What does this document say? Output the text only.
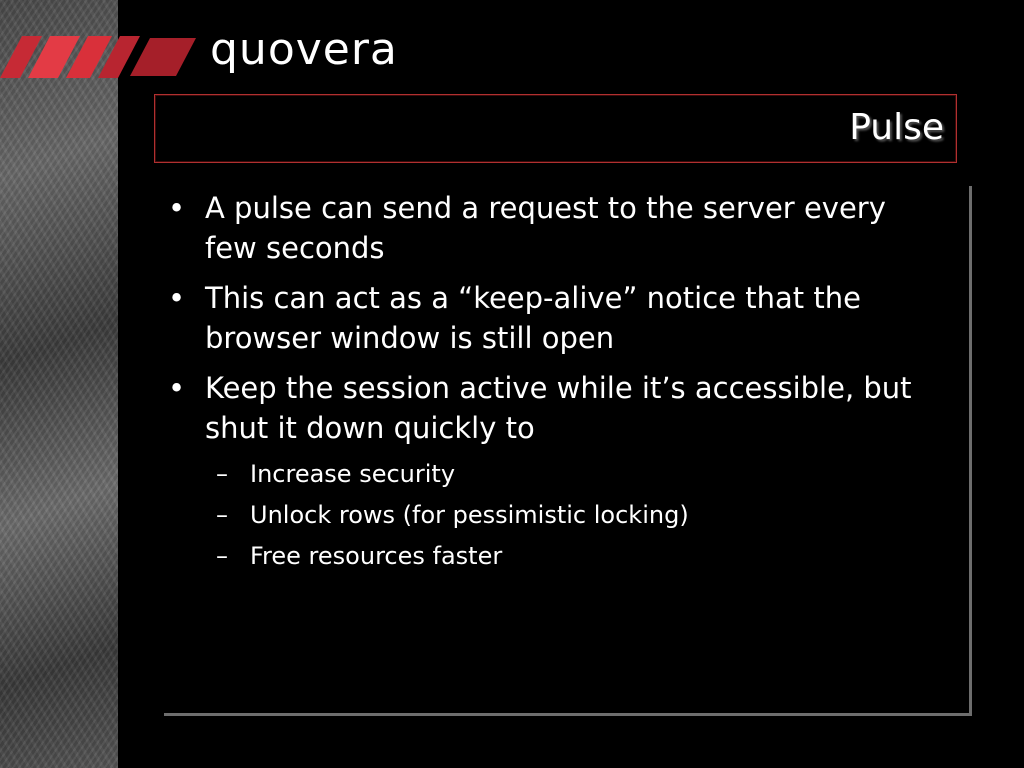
quovera
Pulse
• A pulse can send a request to the server every few seconds
• This can act as a “keep-alive” notice that the browser window is still open
• Keep the session active while it’s accessible, but shut it down quickly to
– Increase security
– Unlock rows (for pessimistic locking)
– Free resources faster
